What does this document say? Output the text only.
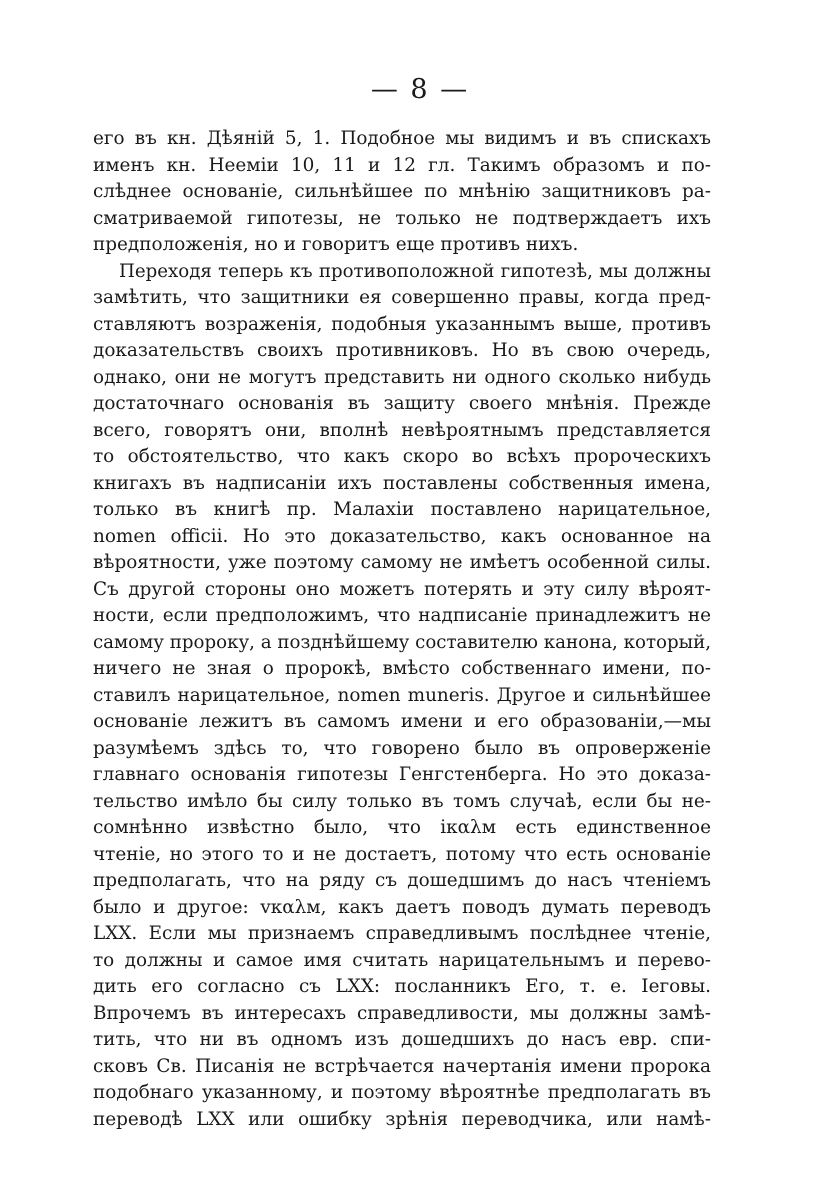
— 8 —
его въ кн. Дѣяній 5, 1. Подобное мы видимъ и въ спискахъ
именъ кн. Нееміи 10, 11 и 12 гл. Такимъ образомъ и по-
слѣднее основаніе, сильнѣйшее по мнѣнію защитниковъ ра-
сматриваемой гипотезы, не только не подтверждаетъ ихъ
предположенія, но и говоритъ еще противъ нихъ.
Переходя теперь къ противоположной гипотезѣ, мы должны
замѣтить, что защитники ея совершенно правы, когда пред-
ставляютъ возраженія, подобныя указаннымъ выше, противъ
доказательствъ своихъ противниковъ. Но въ свою очередь,
однако, они не могутъ представить ни одного сколько нибудь
достаточнаго основанія въ защиту своего мнѣнія. Прежде
всего, говорятъ они, вполнѣ невѣроятнымъ представляется
то обстоятельство, что какъ скоро во всѣхъ пророческихъ
книгахъ въ надписаніи ихъ поставлены собственныя имена,
только въ книгѣ пр. Малахіи поставлено нарицательное,
nomen officii. Но это доказательство, какъ основанное на
вѣроятности, уже поэтому самому не имѣетъ особенной силы.
Съ другой стороны оно можетъ потерять и эту силу вѣроят-
ности, если предположимъ, что надписаніе принадлежитъ не
самому пророку, а позднѣйшему составителю канона, который,
ничего не зная о пророкѣ, вмѣсто собственнаго имени, по-
ставилъ нарицательное, nomen muneris. Другое и сильнѣйшее
основаніе лежитъ въ самомъ имени и его образованіи,—мы
разумѣемъ здѣсь то, что говорено было въ опроверженіе
главнаго основанія гипотезы Генгстенберга. Но это доказа-
тельство имѣло бы силу только въ томъ случаѣ, если бы не-
сомнѣнно извѣстно было, что іκαλм есть единственное
чтеніе, но этого то и не достаетъ, потому что есть основаніе
предполагать, что на ряду съ дошедшимъ до насъ чтеніемъ
было и другое: vκαλм, какъ даетъ поводъ думать переводъ
LXX. Если мы признаемъ справедливымъ послѣднее чтеніе,
то должны и самое имя считать нарицательнымъ и перево-
дить его согласно съ LXX: посланникъ Его, т. е. Іеговы.
Впрочемъ въ интересахъ справедливости, мы должны замѣ-
тить, что ни въ одномъ изъ дошедшихъ до насъ евр. спи-
сковъ Св. Писанія не встрѣчается начертанія имени пророка
подобнаго указанному, и поэтому вѣроятнѣе предполагать въ
переводѣ LXX или ошибку зрѣнія переводчика, или намѣ-
